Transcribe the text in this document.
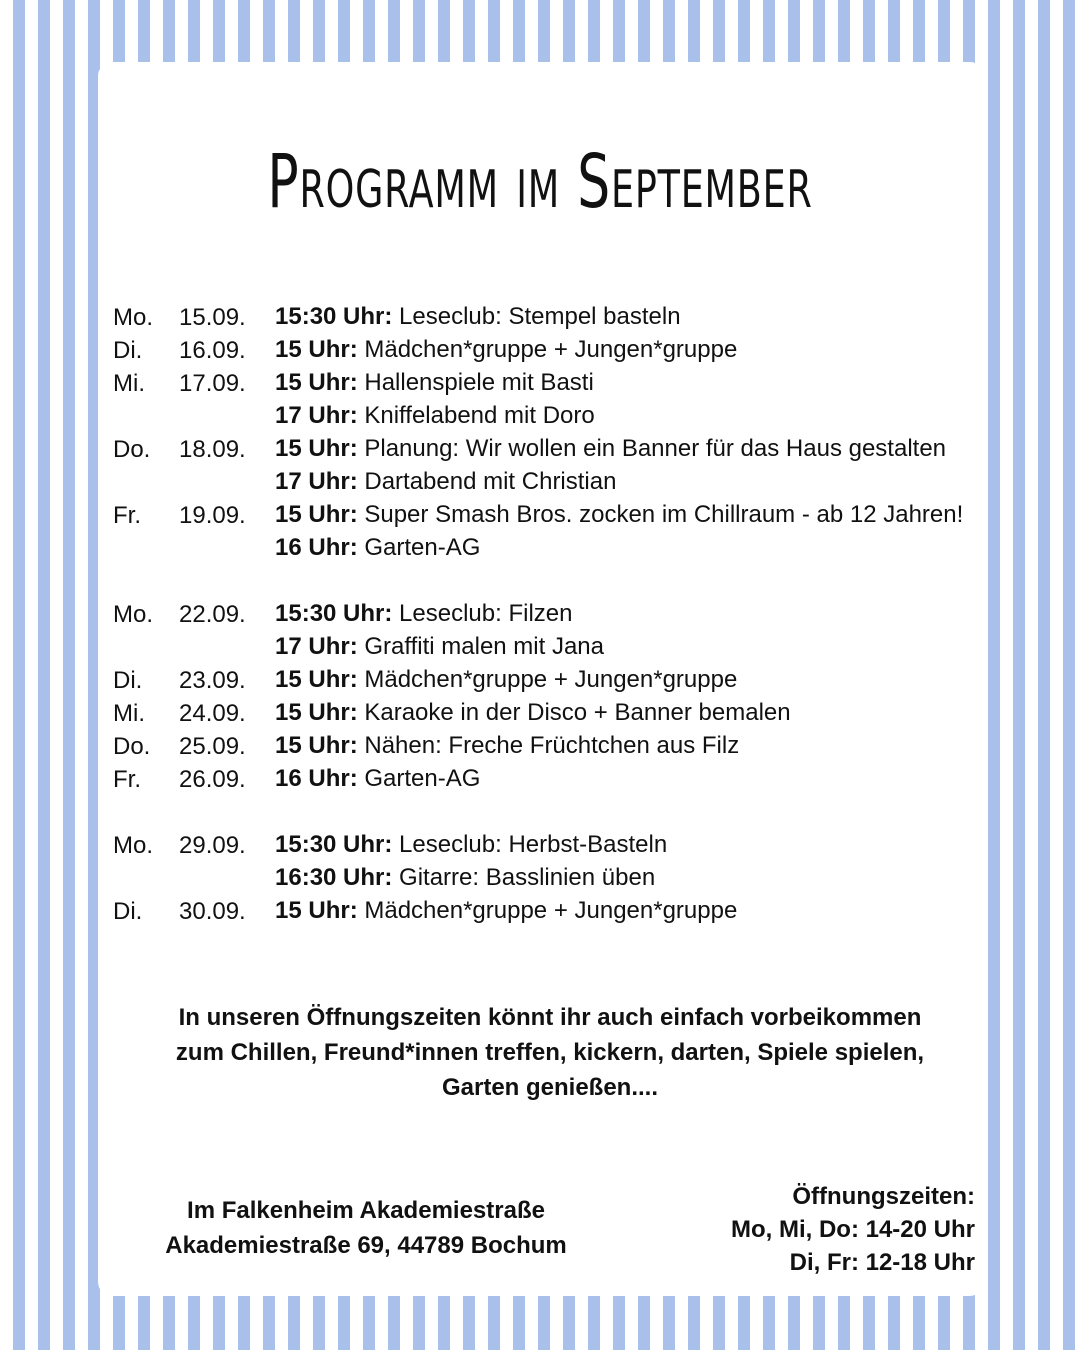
Programm im September
Mo.	15.09.	15:30 Uhr: Leseclub: Stempel basteln
Di.	16.09.	15 Uhr: Mädchen*gruppe + Jungen*gruppe
Mi.	17.09.	15 Uhr: Hallenspiele mit Basti
17 Uhr: Kniffelabend mit Doro
Do.	18.09.	15 Uhr: Planung: Wir wollen ein Banner für das Haus gestalten
17 Uhr: Dartabend mit Christian
Fr.	19.09.	15 Uhr: Super Smash Bros. zocken im Chillraum - ab 12 Jahren!
16 Uhr: Garten-AG
Mo.	22.09.	15:30 Uhr: Leseclub: Filzen
17 Uhr: Graffiti malen mit Jana
Di.	23.09.	15 Uhr: Mädchen*gruppe + Jungen*gruppe
Mi.	24.09.	15 Uhr: Karaoke in der Disco + Banner bemalen
Do.	25.09.	15 Uhr: Nähen: Freche Früchtchen aus Filz
Fr.	26.09.	16 Uhr: Garten-AG
Mo.	29.09.	15:30 Uhr: Leseclub: Herbst-Basteln
16:30 Uhr: Gitarre: Basslinien üben
Di.	30.09.	15 Uhr: Mädchen*gruppe + Jungen*gruppe
In unseren Öffnungszeiten könnt ihr auch einfach vorbeikommen
zum Chillen, Freund*innen treffen, kickern, darten, Spiele spielen,
Garten genießen....
Im Falkenheim Akademiestraße
Akademiestraße 69, 44789 Bochum
Öffnungszeiten:
Mo, Mi, Do: 14-20 Uhr
Di, Fr: 12-18 Uhr
